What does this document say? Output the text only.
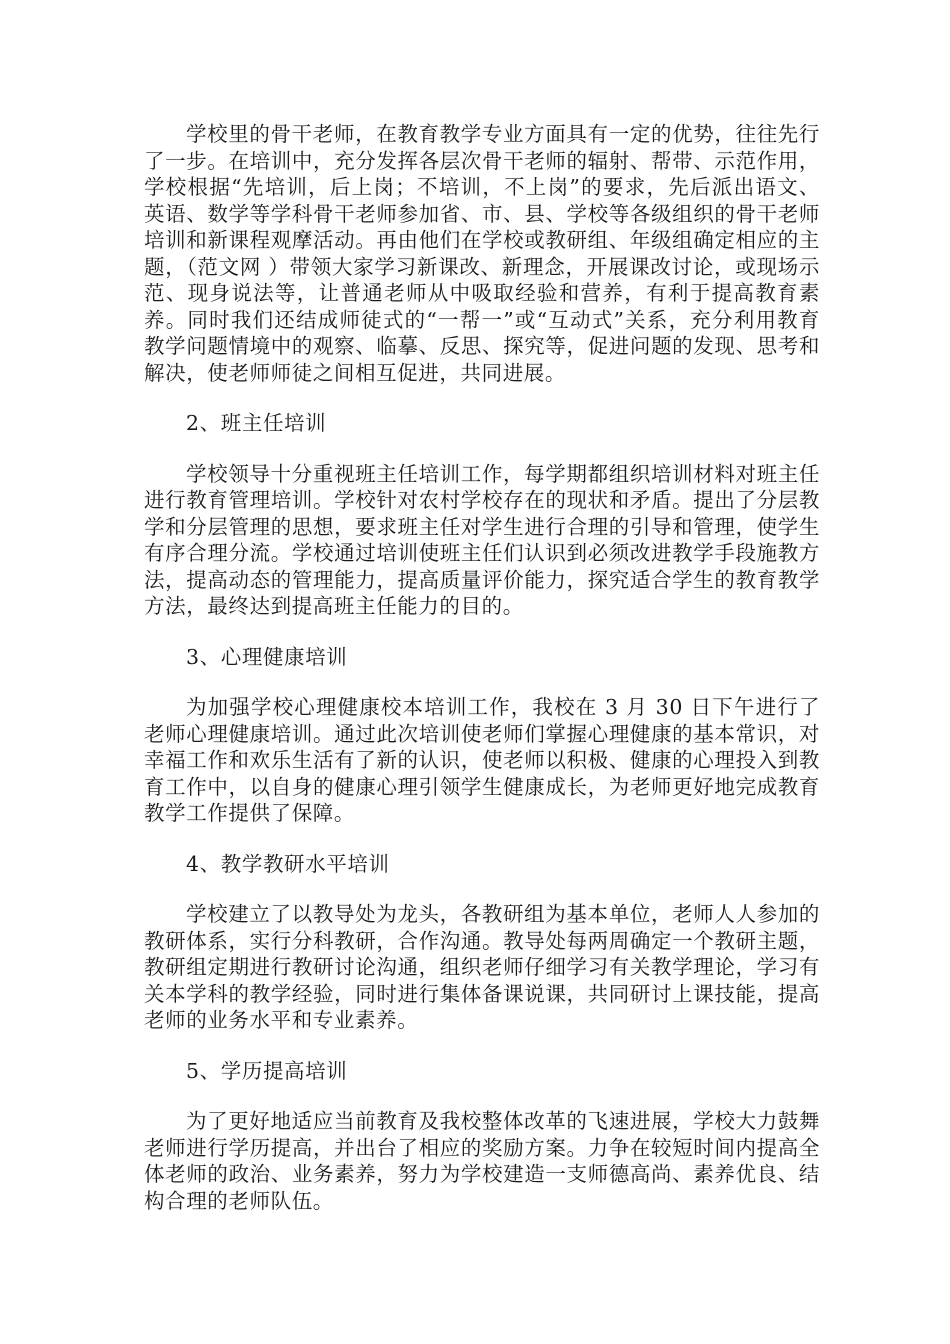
学校里的骨干老师，在教育教学专业方面具有一定的优势，往往先行了一步。在培训中，充分发挥各层次骨干老师的辐射、帮带、示范作用，学校根据“先培训，后上岗；不培训，不上岗”的要求，先后派出语文、英语、数学等学科骨干老师参加省、市、县、学校等各级组织的骨干老师培训和新课程观摩活动。再由他们在学校或教研组、年级组确定相应的主题，（范文网 ）带领大家学习新课改、新理念，开展课改讨论，或现场示范、现身说法等，让普通老师从中吸取经验和营养，有利于提高教育素养。同时我们还结成师徒式的“一帮一”或“互动式”关系，充分利用教育教学问题情境中的观察、临摹、反思、探究等，促进问题的发现、思考和解决，使老师师徒之间相互促进，共同进展。

2、班主任培训

学校领导十分重视班主任培训工作，每学期都组织培训材料对班主任进行教育管理培训。学校针对农村学校存在的现状和矛盾。提出了分层教学和分层管理的思想，要求班主任对学生进行合理的引导和管理，使学生有序合理分流。学校通过培训使班主任们认识到必须改进教学手段施教方法，提高动态的管理能力，提高质量评价能力，探究适合学生的教育教学方法，最终达到提高班主任能力的目的。

3、心理健康培训

为加强学校心理健康校本培训工作，我校在 3 月 30 日下午进行了老师心理健康培训。通过此次培训使老师们掌握心理健康的基本常识，对幸福工作和欢乐生活有了新的认识，使老师以积极、健康的心理投入到教育工作中，以自身的健康心理引领学生健康成长，为老师更好地完成教育教学工作提供了保障。

4、教学教研水平培训

学校建立了以教导处为龙头，各教研组为基本单位，老师人人参加的教研体系，实行分科教研，合作沟通。教导处每两周确定一个教研主题，教研组定期进行教研讨论沟通，组织老师仔细学习有关教学理论，学习有关本学科的教学经验，同时进行集体备课说课，共同研讨上课技能，提高老师的业务水平和专业素养。

5、学历提高培训

为了更好地适应当前教育及我校整体改革的飞速进展，学校大力鼓舞老师进行学历提高，并出台了相应的奖励方案。力争在较短时间内提高全体老师的政治、业务素养，努力为学校建造一支师德高尚、素养优良、结构合理的老师队伍。
